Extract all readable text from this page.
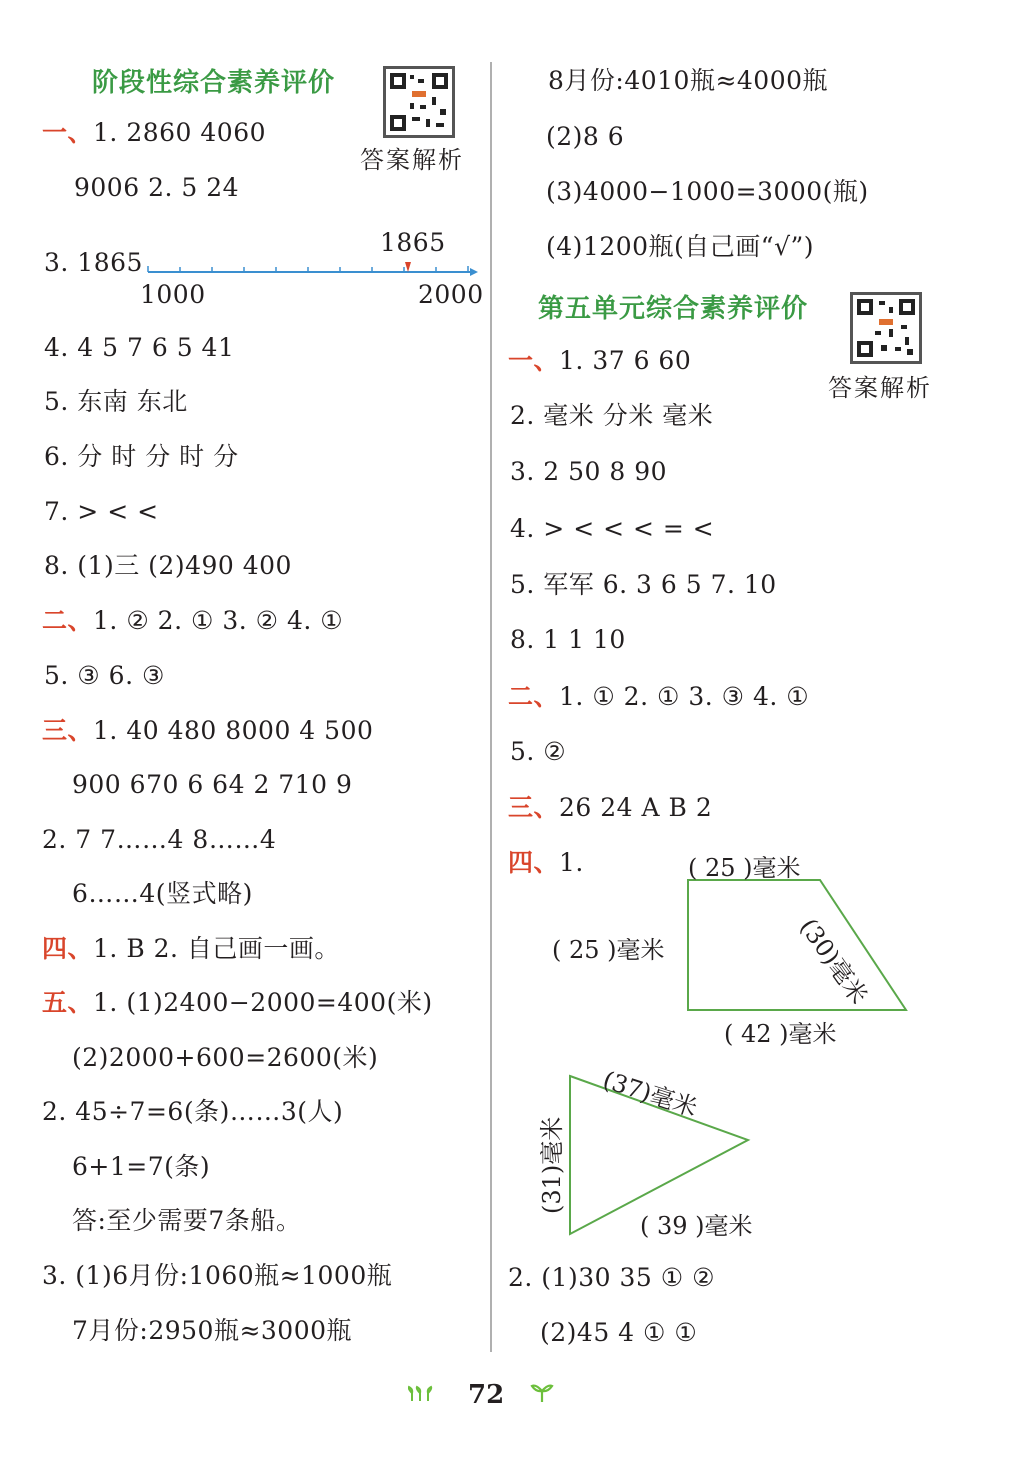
阶段性综合素养评价
答案解析
一、1. 2860 4060
9006 2. 5 24
3. 1865
1865
1000	2000
4. 4 5 7 6 5 41
5. 东南 东北
6. 分 时 分 时 分
7. > < <
8. (1)三 (2)490 400
二、1. ② 2. ① 3. ② 4. ①
5. ③ 6. ③
三、1. 40 480 8000 4 500
900 670 6 64 2 710 9
2. 7 7……4 8……4
6……4(竖式略)
四、1. B 2. 自己画一画。
五、1. (1)2400−2000=400(米)
(2)2000+600=2600(米)
2. 45÷7=6(条)……3(人)
6+1=7(条)
答:至少需要7条船。
3. (1)6月份:1060瓶≈1000瓶
7月份:2950瓶≈3000瓶
8月份:4010瓶≈4000瓶
(2)8 6
(3)4000−1000=3000(瓶)
(4)1200瓶(自己画“√”)
第五单元综合素养评价
答案解析
一、1. 37 6 60
2. 毫米 分米 毫米
3. 2 50 8 90
4. > < < < = <
5. 军军 6. 3 6 5 7. 10
8. 1 1 10
二、1. ① 2. ① 3. ③ 4. ①
5. ②
三、26 24 A B 2
四、1.	( 25 )毫米
(30)毫米
( 25 )毫米
( 42 )毫米
(37)毫米
(31)毫米
( 39 )毫米
2. (1)30 35 ① ②
(2)45 4 ① ①
72
